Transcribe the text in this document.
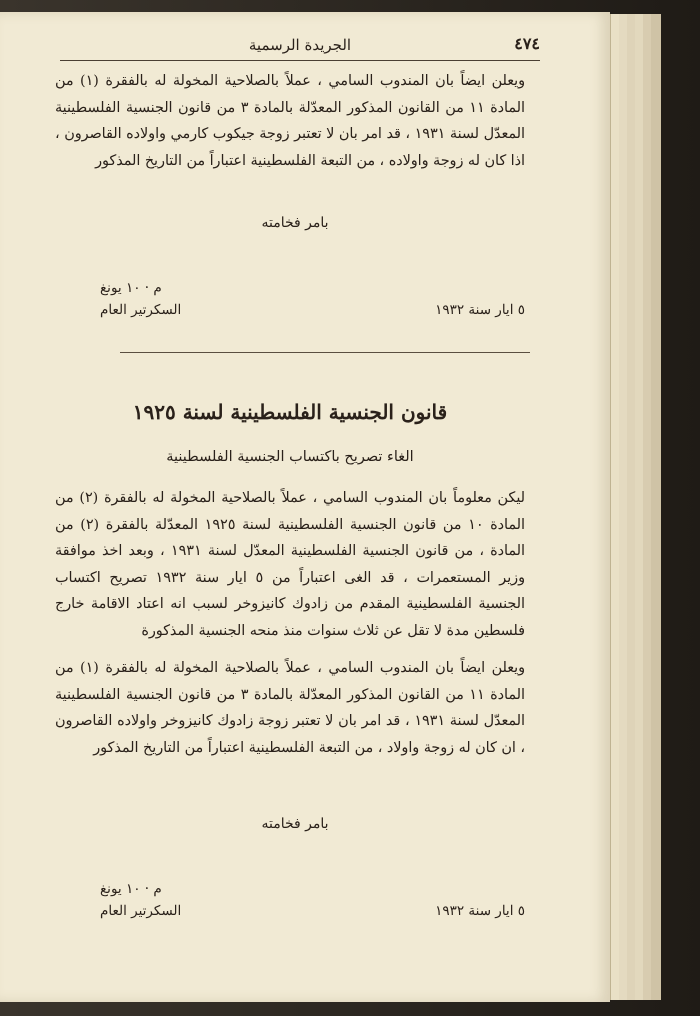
الجريدة الرسمية	٤٧٤
ويعلن ايضاً بان المندوب السامي ، عملاً بالصلاحية المخولة له بالفقرة (١) من المادة ١١ من القانون المذكور المعدّلة بالمادة ٣ من قانون الجنسية الفلسطينية المعدّل لسنة ١٩٣١ ، قد امر بان لا تعتبر زوجة جيكوب كارمي واولاده القاصرون ، اذا كان له زوجة واولاده ، من التبعة الفلسطينية اعتباراً من التاريخ المذكور
بامر فخامته
م · ١٠ يونغ
السكرتير العام	٥ ايار سنة ١٩٣٢
قانون الجنسية الفلسطينية لسنة ١٩٢٥
الغاء تصريح باكتساب الجنسية الفلسطينية
ليكن معلوماً بان المندوب السامي ، عملاً بالصلاحية المخولة له بالفقرة (٢) من المادة ١٠ من قانون الجنسية الفلسطينية لسنة ١٩٢٥ المعدّلة بالفقرة (٢) من المادة ، من قانون الجنسية الفلسطينية المعدّل لسنة ١٩٣١ ، وبعد اخذ موافقة وزير المستعمرات ، قد الغى اعتباراً من ٥ ايار سنة ١٩٣٢ تصريح اكتساب الجنسية الفلسطينية المقدم من زادوك كانيزوخر لسبب انه اعتاد الاقامة خارج فلسطين مدة لا تقل عن ثلاث سنوات منذ منحه الجنسية المذكورة
ويعلن ايضاً بان المندوب السامي ، عملاً بالصلاحية المخولة له بالفقرة (١) من المادة ١١ من القانون المذكور المعدّلة بالمادة ٣ من قانون الجنسية الفلسطينية المعدّل لسنة ١٩٣١ ، قد امر بان لا تعتبر زوجة زادوك كانيزوخر واولاده القاصرون ، ان كان له زوجة واولاد ، من التبعة الفلسطينية اعتباراً من التاريخ المذكور
بامر فخامته
م · ١٠ يونغ
السكرتير العام	٥ ايار سنة ١٩٣٢
